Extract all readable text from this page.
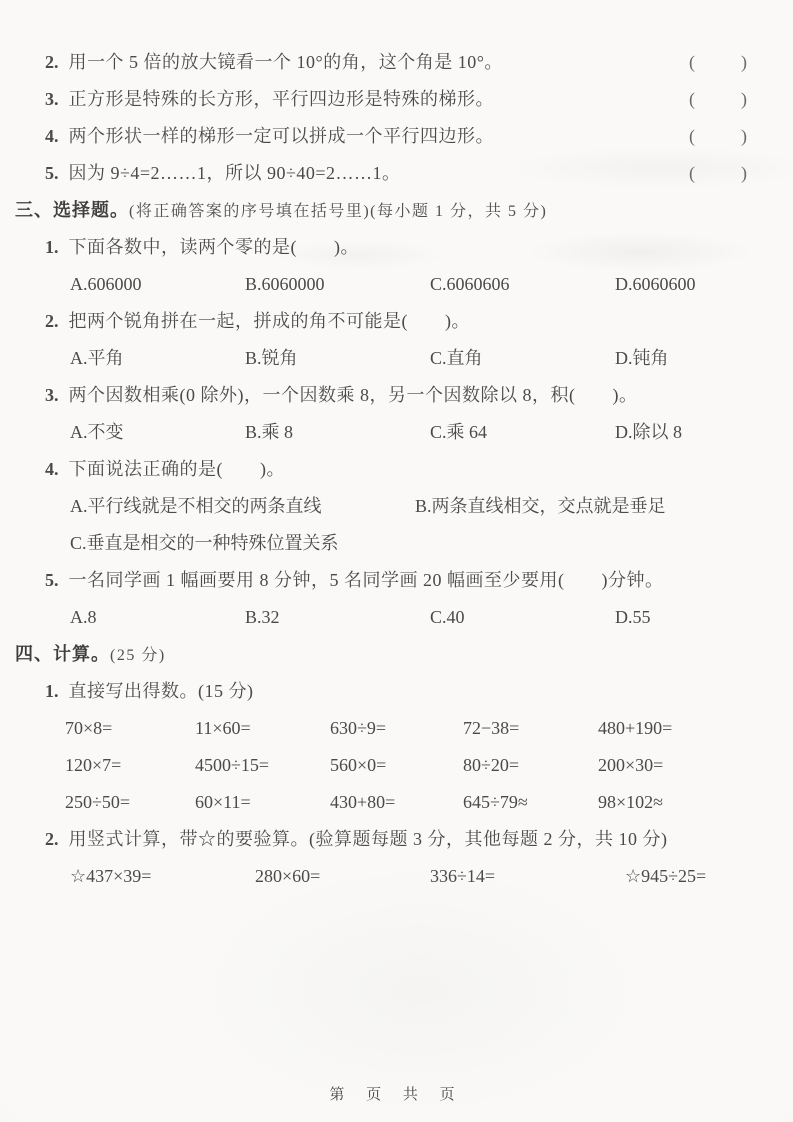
2. 用一个 5 倍的放大镜看一个 10°的角，这个角是 10°。	(	)
3. 正方形是特殊的长方形，平行四边形是特殊的梯形。	(	)
4. 两个形状一样的梯形一定可以拼成一个平行四边形。	(	)
5. 因为 9÷4=2……1，所以 90÷40=2……1。	(	)
三、选择题。(将正确答案的序号填在括号里)(每小题 1 分，共 5 分)
1. 下面各数中，读两个零的是(　　)。
A.606000	B.6060000	C.6060606	D.6060600
2. 把两个锐角拼在一起，拼成的角不可能是(　　)。
A.平角	B.锐角	C.直角	D.钝角
3. 两个因数相乘(0 除外)，一个因数乘 8，另一个因数除以 8，积(　　)。
A.不变	B.乘 8	C.乘 64	D.除以 8
4. 下面说法正确的是(　　)。
A.平行线就是不相交的两条直线	B.两条直线相交，交点就是垂足
C.垂直是相交的一种特殊位置关系
5. 一名同学画 1 幅画要用 8 分钟，5 名同学画 20 幅画至少要用(　　)分钟。
A.8	B.32	C.40	D.55
四、计算。(25 分)
1. 直接写出得数。(15 分)
70×8=	11×60=	630÷9=	72−38=	480+190=
120×7=	4500÷15=	560×0=	80÷20=	200×30=
250÷50=	60×11=	430+80=	645÷79≈	98×102≈
2. 用竖式计算，带☆的要验算。(验算题每题 3 分，其他每题 2 分，共 10 分)
☆437×39=	280×60=	336÷14=	☆945÷25=
第 页 共 页
